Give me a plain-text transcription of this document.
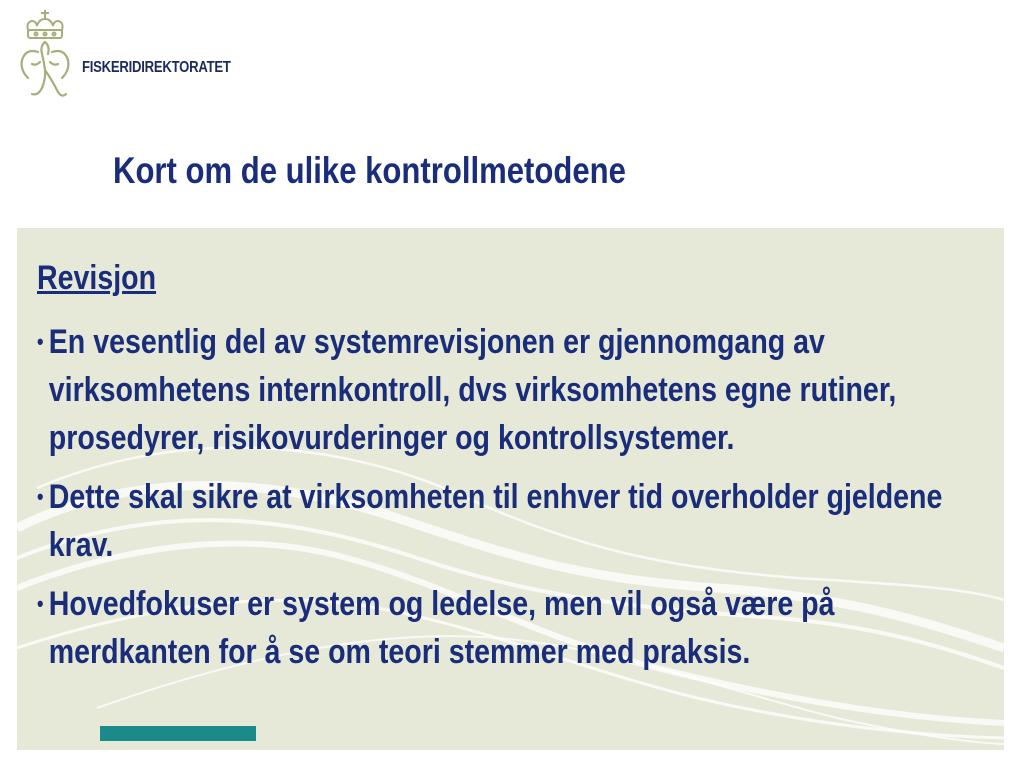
FISKERIDIREKTORATET
Kort om de ulike kontrollmetodene
Revisjon
• En vesentlig del av systemrevisjonen er gjennomgang av virksomhetens internkontroll, dvs virksomhetens egne rutiner, prosedyrer, risikovurderinger og kontrollsystemer.
• Dette skal sikre at virksomheten til enhver tid overholder gjeldene krav.
• Hovedfokuser er system og ledelse, men vil også være på merdkanten for å se om teori stemmer med praksis.
